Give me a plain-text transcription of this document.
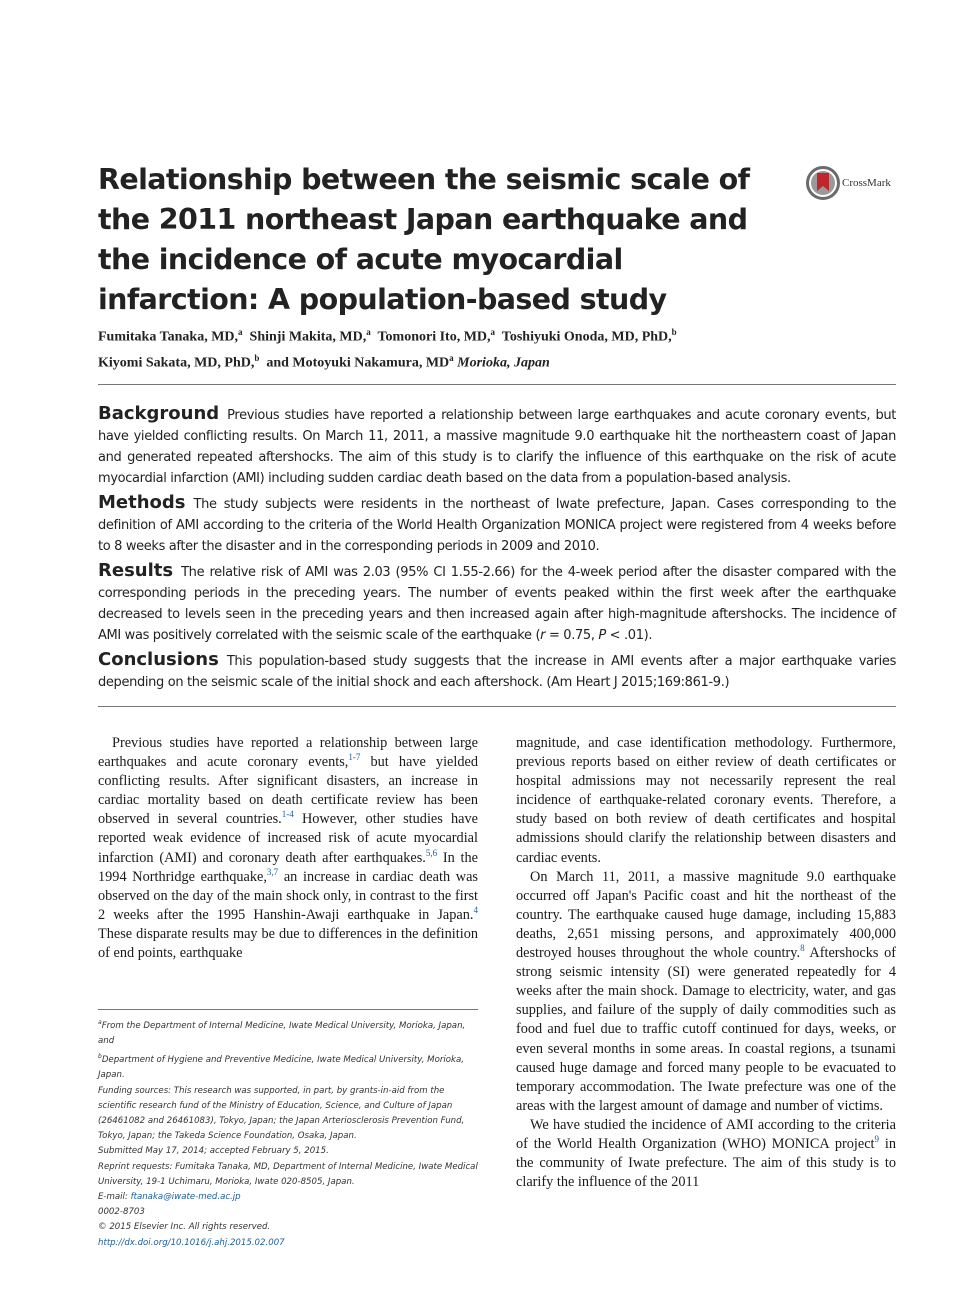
Relationship between the seismic scale of the 2011 northeast Japan earthquake and the incidence of acute myocardial infarction: A population-based study
CrossMark

Fumitaka Tanaka, MD,$^a$ Shinji Makita, MD,$^a$ Tomonori Ito, MD,$^a$ Toshiyuki Onoda, MD, PhD,$^b$
Kiyomi Sakata, MD, PhD,$^b$ and Motoyuki Nakamura, $MD^a$ Morioka, Japan

Background Previous studies have reported a relationship between large earthquakes and acute coronary events, but have yielded conflicting results. On March 11, 2011, a massive magnitude 9.0 earthquake hit the northeastern coast of Japan and generated repeated aftershocks. The aim of this study is to clarify the influence of this earthquake on the risk of acute myocardial infarction (AMI) including sudden cardiac death based on the data from a population-based analysis.

Methods The study subjects were residents in the northeast of Iwate prefecture, Japan. Cases corresponding to the definition of AMI according to the criteria of the World Health Organization MONICA project were registered from 4 weeks before to 8 weeks after the disaster and in the corresponding periods in 2009 and 2010.

Results The relative risk of AMI was 2.03 (95% CI 1.55-2.66) for the 4-week period after the disaster compared with the corresponding periods in the preceding years. The number of events peaked within the first week after the earthquake decreased to levels seen in the preceding years and then increased again after high-magnitude aftershocks. The incidence of AMI was positively correlated with the seismic scale of the earthquake (r = 0.75, P < .01).

Conclusions This population-based study suggests that the increase in AMI events after a major earthquake varies depending on the seismic scale of the initial shock and each aftershock. (Am Heart J 2015;169:861-9.)

Previous studies have reported a relationship between large earthquakes and acute coronary events,$^{1-7}$ but have yielded conflicting results. After significant disasters, an increase in cardiac mortality based on death certificate review has been observed in several countries.$^{1-4}$ However, other studies have reported weak evidence of increased risk of acute myocardial infarction (AMI) and coronary death after earthquakes.$^{5,6}$ In the 1994 Northridge earthquake,$^{3,7}$ an increase in cardiac death was observed on the day of the main shock only, in contrast to the first 2 weeks after the 1995 Hanshin-Awaji earthquake in Japan.$^4$ These disparate results may be due to differences in the definition of end points, earthquake

magnitude, and case identification methodology. Furthermore, previous reports based on either review of death certificates or hospital admissions may not necessarily represent the real incidence of earthquake-related coronary events. Therefore, a study based on both review of death certificates and hospital admissions should clarify the relationship between disasters and cardiac events.

On March 11, 2011, a massive magnitude 9.0 earthquake occurred off Japan's Pacific coast and hit the northeast of the country. The earthquake caused huge damage, including 15,883 deaths, 2,651 missing persons, and approximately 400,000 destroyed houses throughout the whole country.$^8$ Aftershocks of strong seismic intensity (SI) were generated repeatedly for 4 weeks after the main shock. Damage to electricity, water, and gas supplies, and failure of the supply of daily commodities such as food and fuel due to traffic cutoff continued for days, weeks, or even several months in some areas. In coastal regions, a tsunami caused huge damage and forced many people to be evacuated to temporary accommodation. The Iwate prefecture was one of the areas with the largest amount of damage and number of victims.

We have studied the incidence of AMI according to the criteria of the World Health Organization (WHO) MONICA project$^9$ in the community of Iwate prefecture. The aim of this study is to clarify the influence of the 2011

$^a$From the Department of Internal Medicine, Iwate Medical University, Morioka, Japan, and
$^b$Department of Hygiene and Preventive Medicine, Iwate Medical University, Morioka, Japan.
Funding sources: This research was supported, in part, by grants-in-aid from the scientific research fund of the Ministry of Education, Science, and Culture of Japan (26461082 and 26461083), Tokyo, Japan; the Japan Arteriosclerosis Prevention Fund, Tokyo, Japan; the Takeda Science Foundation, Osaka, Japan.
Submitted May 17, 2014; accepted February 5, 2015.
Reprint requests: Fumitaka Tanaka, MD, Department of Internal Medicine, Iwate Medical University, 19-1 Uchimaru, Morioka, Iwate 020-8505, Japan.
E-mail: ftanaka@iwate-med.ac.jp
0002-8703
© 2015 Elsevier Inc. All rights reserved.
http://dx.doi.org/10.1016/j.ahj.2015.02.007
